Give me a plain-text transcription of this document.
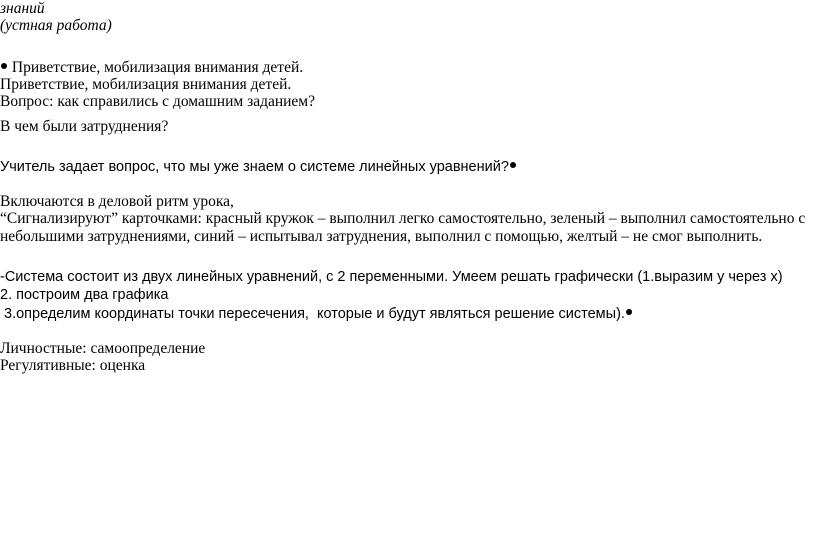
знаний
(устная работа)
Приветствие, мобилизация внимания детей.
Приветствие, мобилизация внимания детей.
Вопрос: как справились с домашним заданием?
В чем были затруднения?
Учитель задает вопрос, что мы уже знаем о системе линейных уравнений?
Включаются в деловой ритм урока,
“Сигнализируют” карточками: красный кружок – выполнил легко самостоятельно, зеленый – выполнил самостоятельно с
небольшими затруднениями, синий – испытывал затруднения, выполнил с помощью, желтый – не смог выполнить.
-Система состоит из двух линейных уравнений, с 2 переменными. Умеем решать графически (1.выразим у через х)
2. построим два графика
3.определим координаты точки пересечения,  которые и будут являться решение системы).
Личностные: самоопределение
Регулятивные: оценка
